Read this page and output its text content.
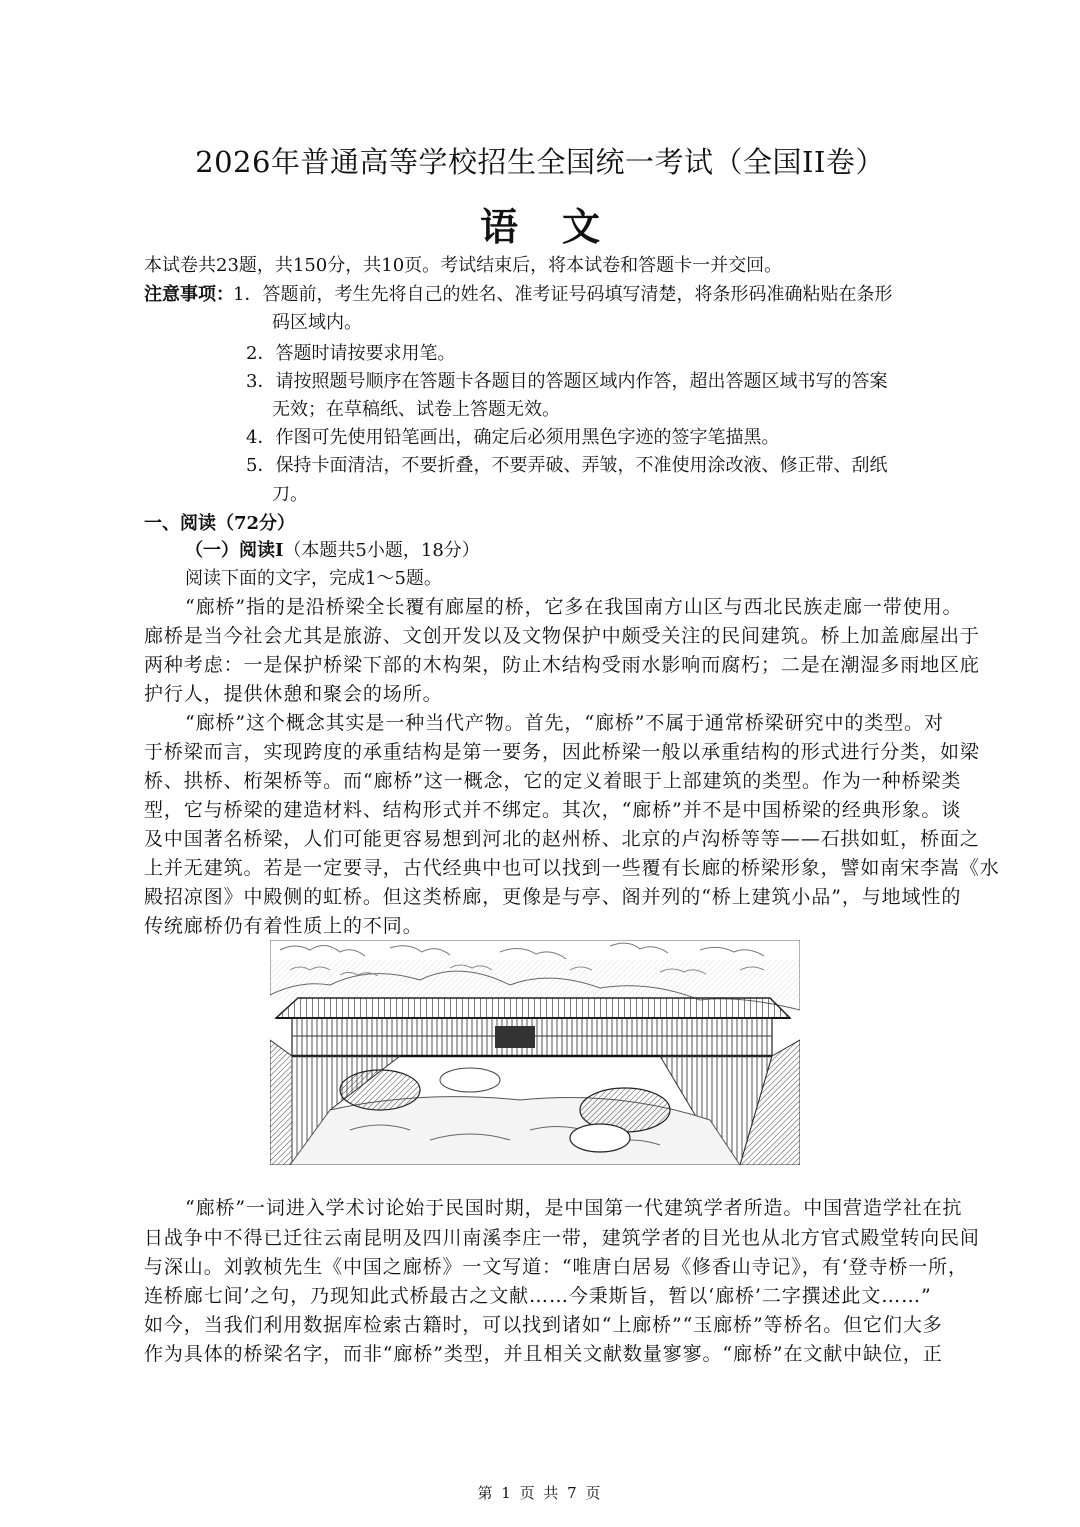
2026年普通高等学校招生全国统一考试（全国II卷）
语文
本试卷共23题，共150分，共10页。考试结束后，将本试卷和答题卡一并交回。
注意事项： 1．答题前，考生先将自己的姓名、准考证号码填写清楚，将条形码准确粘贴在条形
码区域内。
2．答题时请按要求用笔。
3．请按照题号顺序在答题卡各题目的答题区域内作答，超出答题区域书写的答案
无效；在草稿纸、试卷上答题无效。
4．作图可先使用铅笔画出，确定后必须用黑色字迹的签字笔描黑。
5．保持卡面清洁，不要折叠，不要弄破、弄皱，不准使用涂改液、修正带、刮纸
刀。
一、阅读（72分）
（一）阅读Ⅰ（本题共5小题，18分）
阅读下面的文字，完成1～5题。
“廊桥”指的是沿桥梁全长覆有廊屋的桥，它多在我国南方山区与西北民族走廊一带使用。
廊桥是当今社会尤其是旅游、文创开发以及文物保护中颇受关注的民间建筑。桥上加盖廊屋出于
两种考虑：一是保护桥梁下部的木构架，防止木结构受雨水影响而腐朽；二是在潮湿多雨地区庇
护行人，提供休憩和聚会的场所。
“廊桥”这个概念其实是一种当代产物。首先，“廊桥”不属于通常桥梁研究中的类型。对
于桥梁而言，实现跨度的承重结构是第一要务，因此桥梁一般以承重结构的形式进行分类，如梁
桥、拱桥、桁架桥等。而“廊桥”这一概念，它的定义着眼于上部建筑的类型。作为一种桥梁类
型，它与桥梁的建造材料、结构形式并不绑定。其次，“廊桥”并不是中国桥梁的经典形象。谈
及中国著名桥梁，人们可能更容易想到河北的赵州桥、北京的卢沟桥等等——石拱如虹，桥面之
上并无建筑。若是一定要寻，古代经典中也可以找到一些覆有长廊的桥梁形象，譬如南宋李嵩《水
殿招凉图》中殿侧的虹桥。但这类桥廊，更像是与亭、阁并列的“桥上建筑小品”，与地域性的
传统廊桥仍有着性质上的不同。
“廊桥”一词进入学术讨论始于民国时期，是中国第一代建筑学者所造。中国营造学社在抗
日战争中不得已迁往云南昆明及四川南溪李庄一带，建筑学者的目光也从北方官式殿堂转向民间
与深山。刘敦桢先生《中国之廊桥》一文写道：“唯唐白居易《修香山寺记》，有‘登寺桥一所，
连桥廊七间’之句，乃现知此式桥最古之文献……今秉斯旨，暂以‘廊桥’二字撰述此文……”
如今，当我们利用数据库检索古籍时，可以找到诸如“上廊桥”“玉廊桥”等桥名。但它们大多
作为具体的桥梁名字，而非“廊桥”类型，并且相关文献数量寥寥。“廊桥”在文献中缺位，正
第 1 页 共 7 页
